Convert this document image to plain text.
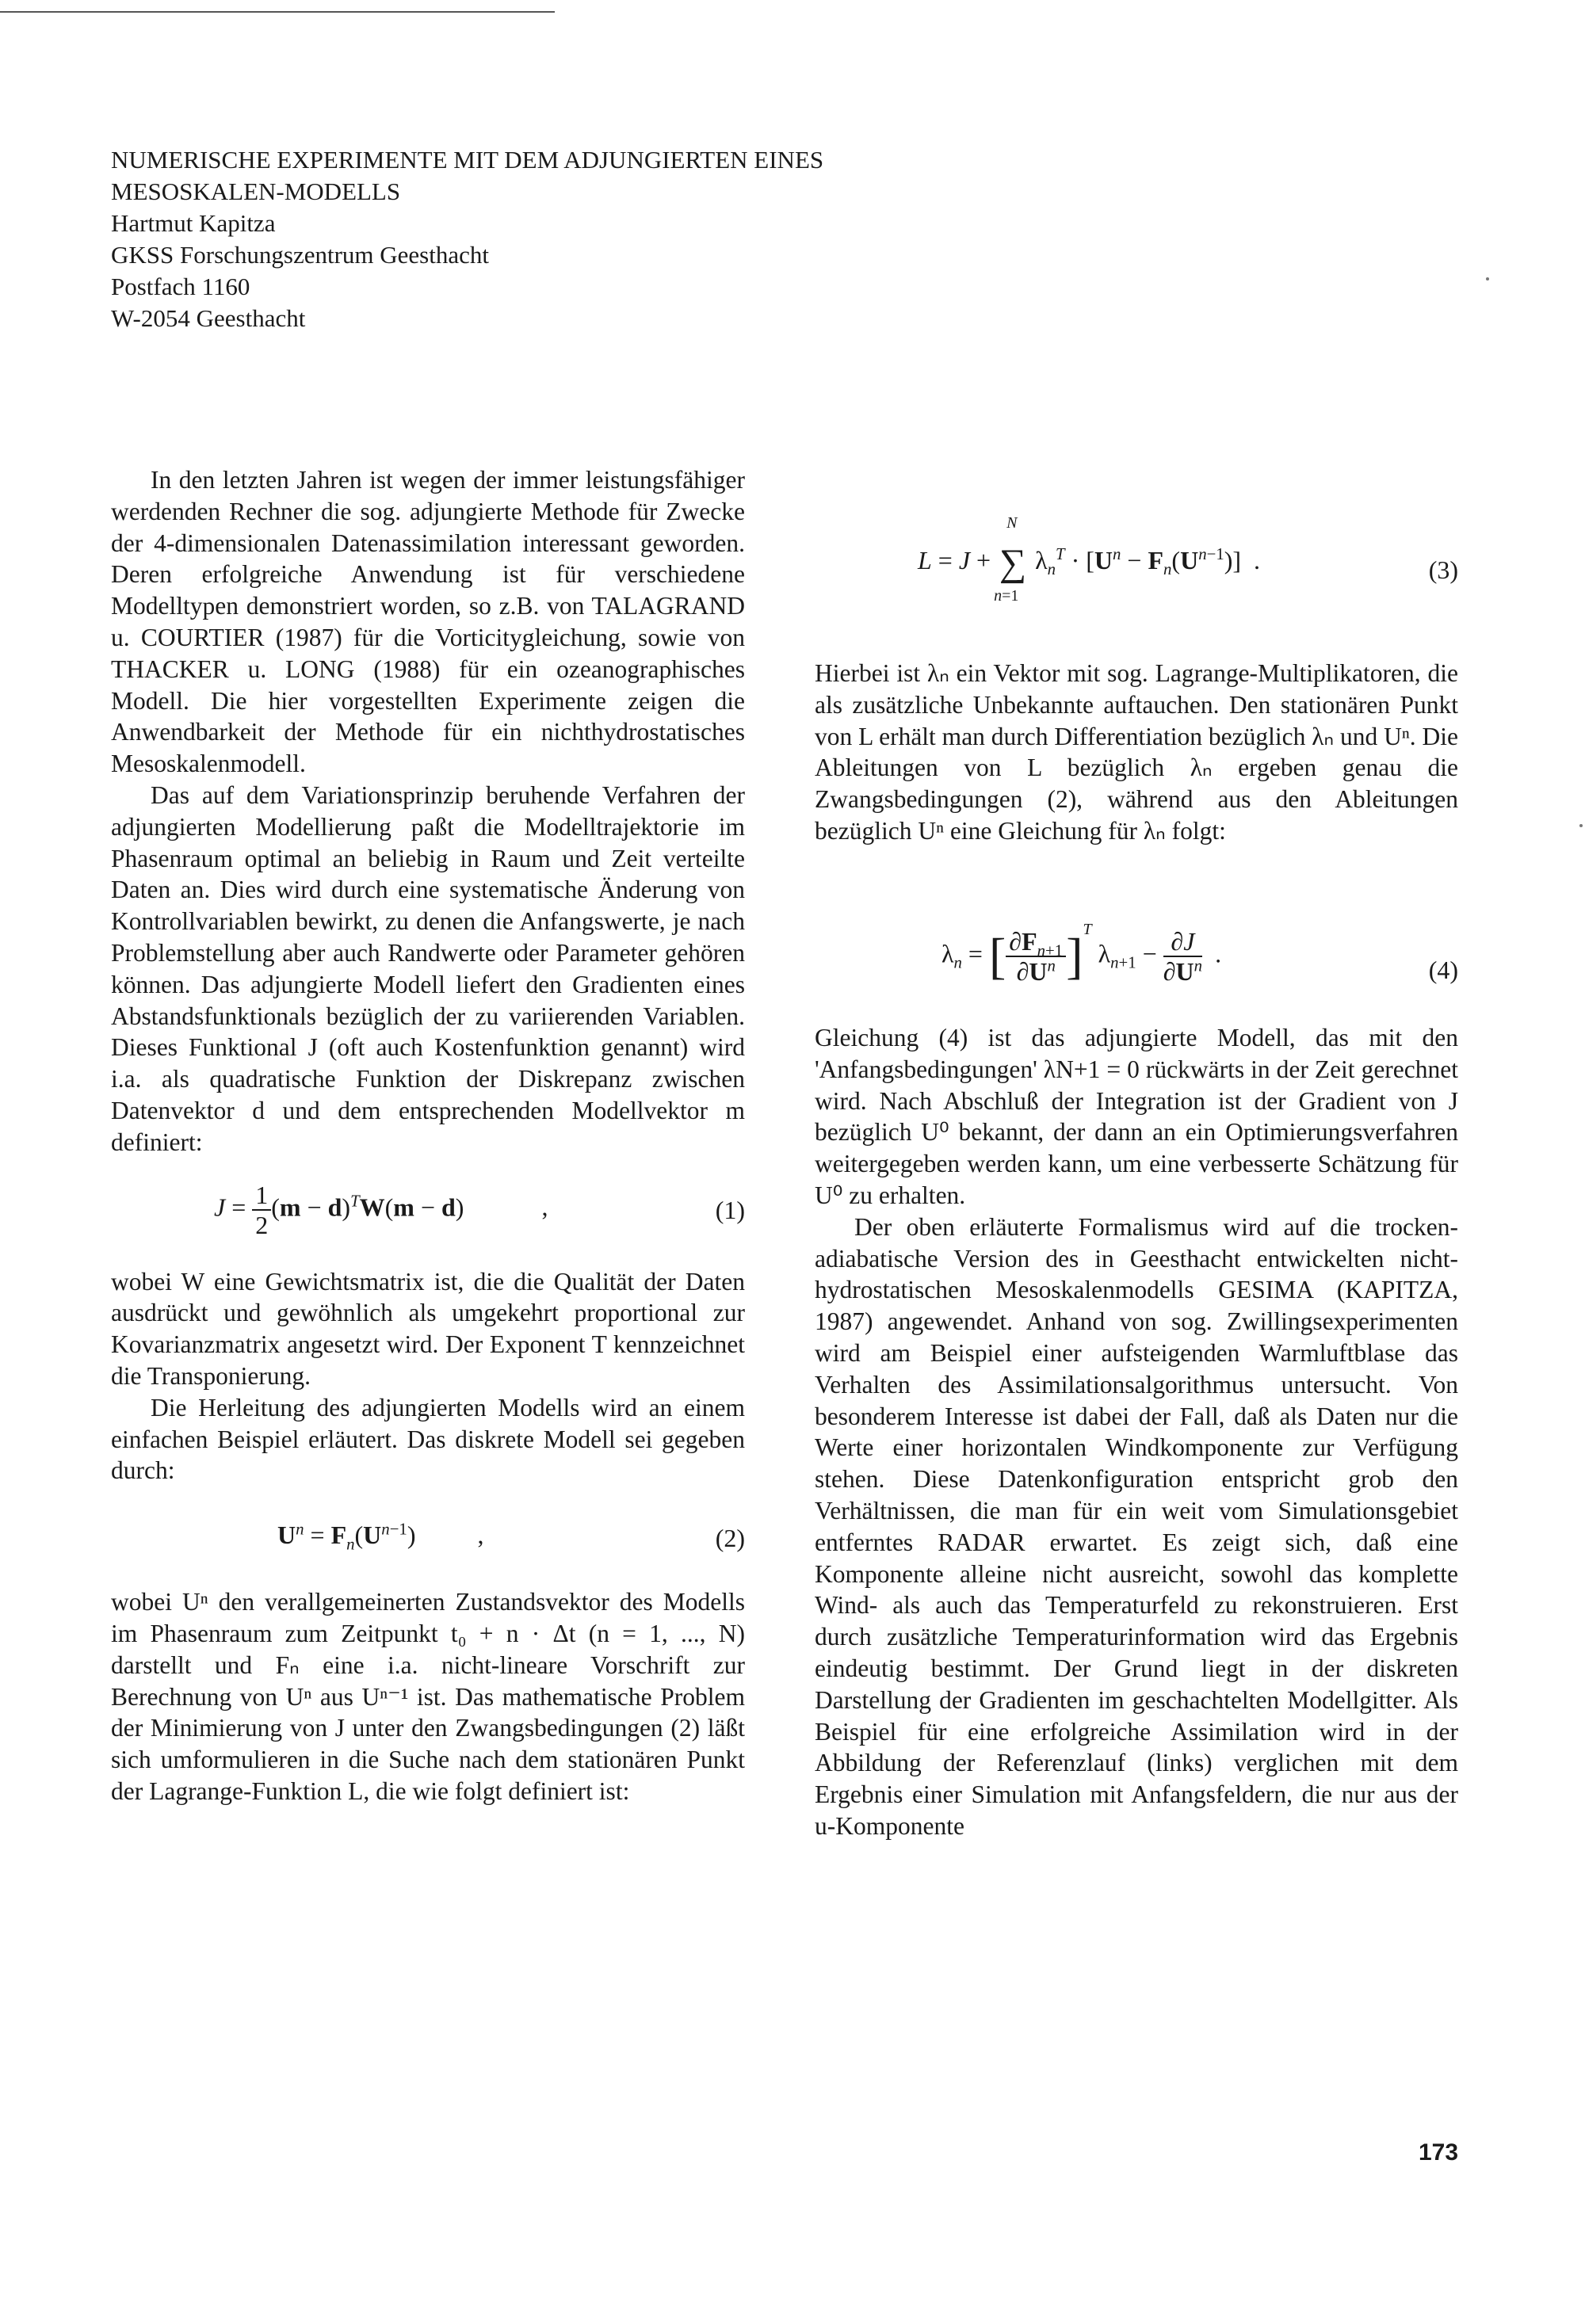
NUMERISCHE EXPERIMENTE MIT DEM ADJUNGIERTEN EINES
MESOSKALEN-MODELLS
Hartmut Kapitza
GKSS Forschungszentrum Geesthacht
Postfach 1160
W-2054 Geesthacht

In den letzten Jahren ist wegen der immer leistungsfähiger werdenden Rechner die sog. adjungierte Methode für Zwecke der 4-dimensionalen Datenassimilation interessant geworden. Deren erfolgreiche Anwendung ist für verschiedene Modelltypen demonstriert worden, so z.B. von TALAGRAND u. COURTIER (1987) für die Vorticitygleichung, sowie von THACKER u. LONG (1988) für ein ozeanographisches Modell. Die hier vorgestellten Experimente zeigen die Anwendbarkeit der Methode für ein nichthydrostatisches Mesoskalenmodell.

Das auf dem Variationsprinzip beruhende Verfahren der adjungierten Modellierung paßt die Modelltrajektorie im Phasenraum optimal an beliebig in Raum und Zeit verteilte Daten an. Dies wird durch eine systematische Änderung von Kontrollvariablen bewirkt, zu denen die Anfangswerte, je nach Problemstellung aber auch Randwerte oder Parameter gehören können. Das adjungierte Modell liefert den Gradienten eines Abstandsfunktionals bezüglich der zu variierenden Variablen. Dieses Funktional J (oft auch Kostenfunktion genannt) wird i.a. als quadratische Funktion der Diskrepanz zwischen Datenvektor d und dem entsprechenden Modellvektor m definiert:

$J = \frac{1}{2} (m - d)^TW(m - d)$	,	(1)

wobei W eine Gewichtsmatrix ist, die die Qualität der Daten ausdrückt und gewöhnlich als umgekehrt proportional zur Kovarianzmatrix angesetzt wird. Der Exponent T kennzeichnet die Transponierung.

Die Herleitung des adjungierten Modells wird an einem einfachen Beispiel erläutert. Das diskrete Modell sei gegeben durch:

$U^n = F_n(U^{n-1})$ ,	(2)

wobei Uⁿ den verallgemeinerten Zustandsvektor des Modells im Phasenraum zum Zeitpunkt t₀ + n · Δt (n = 1, ..., N) darstellt und Fₙ eine i.a. nicht-lineare Vorschrift zur Berechnung von Uⁿ aus Uⁿ⁻¹ ist. Das mathematische Problem der Minimierung von J unter den Zwangsbedingungen (2) läßt sich umformulieren in die Suche nach dem stationären Punkt der Lagrange-Funktion L, die wie folgt definiert ist:

L = J +
N
∑
n=1
$\lambda_n^T \cdot [U^n - F_n(U^{n-1})]$  .	(3)

Hierbei ist λₙ ein Vektor mit sog. Lagrange-Multiplikatoren, die als zusätzliche Unbekannte auftauchen. Den stationären Punkt von L erhält man durch Differentiation bezüglich λₙ und Uⁿ. Die Ableitungen von L bezüglich λₙ ergeben genau die Zwangsbedingungen (2), während aus den Ableitungen bezüglich Uⁿ eine Gleichung für λₙ folgt:

$\lambda_n$ = [ $\frac{\partial F_{n+1}}{\partial U^n} ]^T$ $\lambda_{n+1} - \frac{\partial J}{\partial U^n}$ .
(4)

Gleichung (4) ist das adjungierte Modell, das mit den 'Anfangsbedingungen' λN+1 = 0 rückwärts in der Zeit gerechnet wird. Nach Abschluß der Integration ist der Gradient von J bezüglich U⁰ bekannt, der dann an ein Optimierungsverfahren weitergegeben werden kann, um eine verbesserte Schätzung für U⁰ zu erhalten.

Der oben erläuterte Formalismus wird auf die trocken-adiabatische Version des in Geesthacht entwickelten nicht-hydrostatischen Mesoskalenmodells GESIMA (KAPITZA, 1987) angewendet. Anhand von sog. Zwillingsexperimenten wird am Beispiel einer aufsteigenden Warmluftblase das Verhalten des Assimilationsalgorithmus untersucht. Von besonderem Interesse ist dabei der Fall, daß als Daten nur die Werte einer horizontalen Windkomponente zur Verfügung stehen. Diese Datenkonfiguration entspricht grob den Verhältnissen, die man für ein weit vom Simulationsgebiet entferntes RADAR erwartet. Es zeigt sich, daß eine Komponente alleine nicht ausreicht, sowohl das komplette Wind- als auch das Temperaturfeld zu rekonstruieren. Erst durch zusätzliche Temperaturinformation wird das Ergebnis eindeutig bestimmt. Der Grund liegt in der diskreten Darstellung der Gradienten im geschachtelten Modellgitter. Als Beispiel für eine erfolgreiche Assimilation wird in der Abbildung der Referenzlauf (links) verglichen mit dem Ergebnis einer Simulation mit Anfangsfeldern, die nur aus der u-Komponente

173
